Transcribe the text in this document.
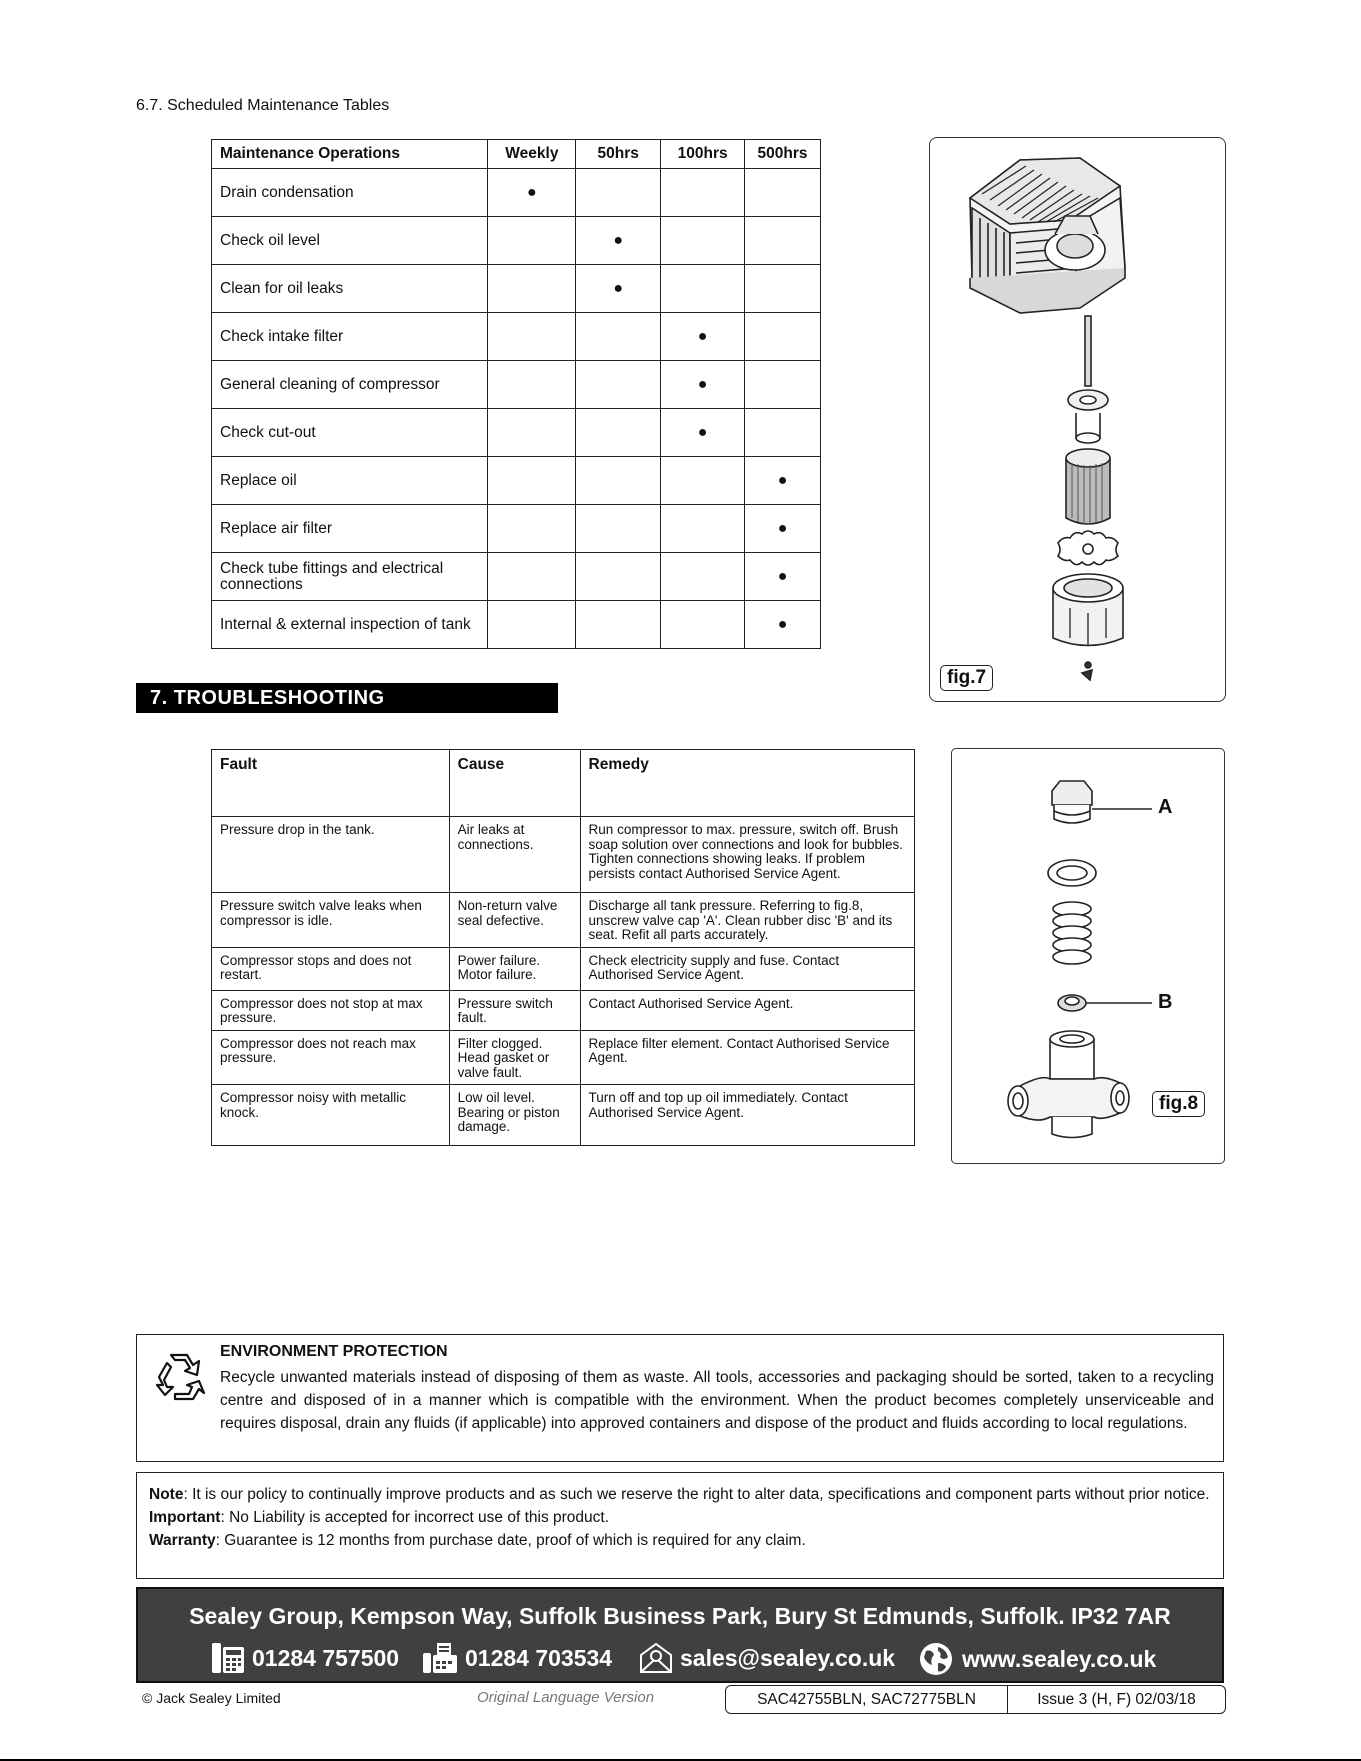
6.7. Scheduled Maintenance Tables
Maintenance Operations	Weekly	50hrs	100hrs	500hrs
Drain condensation	●			
Check oil level		●		
Clean for oil leaks		●		
Check intake filter			●	
General cleaning of compressor			●	
Check cut-out			●	
Replace oil				●
Replace air filter				●
Check tube fittings and electrical connections				●
Internal & external inspection of tank				●
fig.7
7. TROUBLESHOOTING
Fault	Cause	Remedy
Pressure drop in the tank.	Air leaks at connections.	Run compressor to max. pressure, switch off. Brush soap solution over connections and look for bubbles. Tighten connections showing leaks. If problem persists contact Authorised Service Agent.
Pressure switch valve leaks when compressor is idle.	Non-return valve seal defective.	Discharge all tank pressure. Referring to fig.8, unscrew valve cap 'A'. Clean rubber disc 'B' and its seat. Refit all parts accurately.
Compressor stops and does not restart.	Power failure. Motor failure.	Check electricity supply and fuse. Contact Authorised Service Agent.
Compressor does not stop at max pressure.	Pressure switch fault.	Contact Authorised Service Agent.
Compressor does not reach max pressure.	Filter clogged. Head gasket or valve fault.	Replace filter element. Contact Authorised Service Agent.
Compressor noisy with metallic knock.	Low oil level. Bearing or piston damage.	Turn off and top up oil immediately. Contact Authorised Service Agent.
A
B
fig.8
ENVIRONMENT PROTECTION
Recycle unwanted materials instead of disposing of them as waste. All tools, accessories and packaging should be sorted, taken to a recycling centre and disposed of in a manner which is compatible with the environment. When the product becomes completely unserviceable and requires disposal, drain any fluids (if applicable) into approved containers and dispose of the product and fluids according to local regulations.
Note: It is our policy to continually improve products and as such we reserve the right to alter data, specifications and component parts without prior notice.
Important: No Liability is accepted for incorrect use of this product.
Warranty: Guarantee is 12 months from purchase date, proof of which is required for any claim.
Sealey Group, Kempson Way, Suffolk Business Park, Bury St Edmunds, Suffolk. IP32 7AR
01284 757500	01284 703534	sales@sealey.co.uk	www.sealey.co.uk
© Jack Sealey Limited	Original Language Version	SAC42755BLN, SAC72775BLN	Issue 3 (H, F) 02/03/18
